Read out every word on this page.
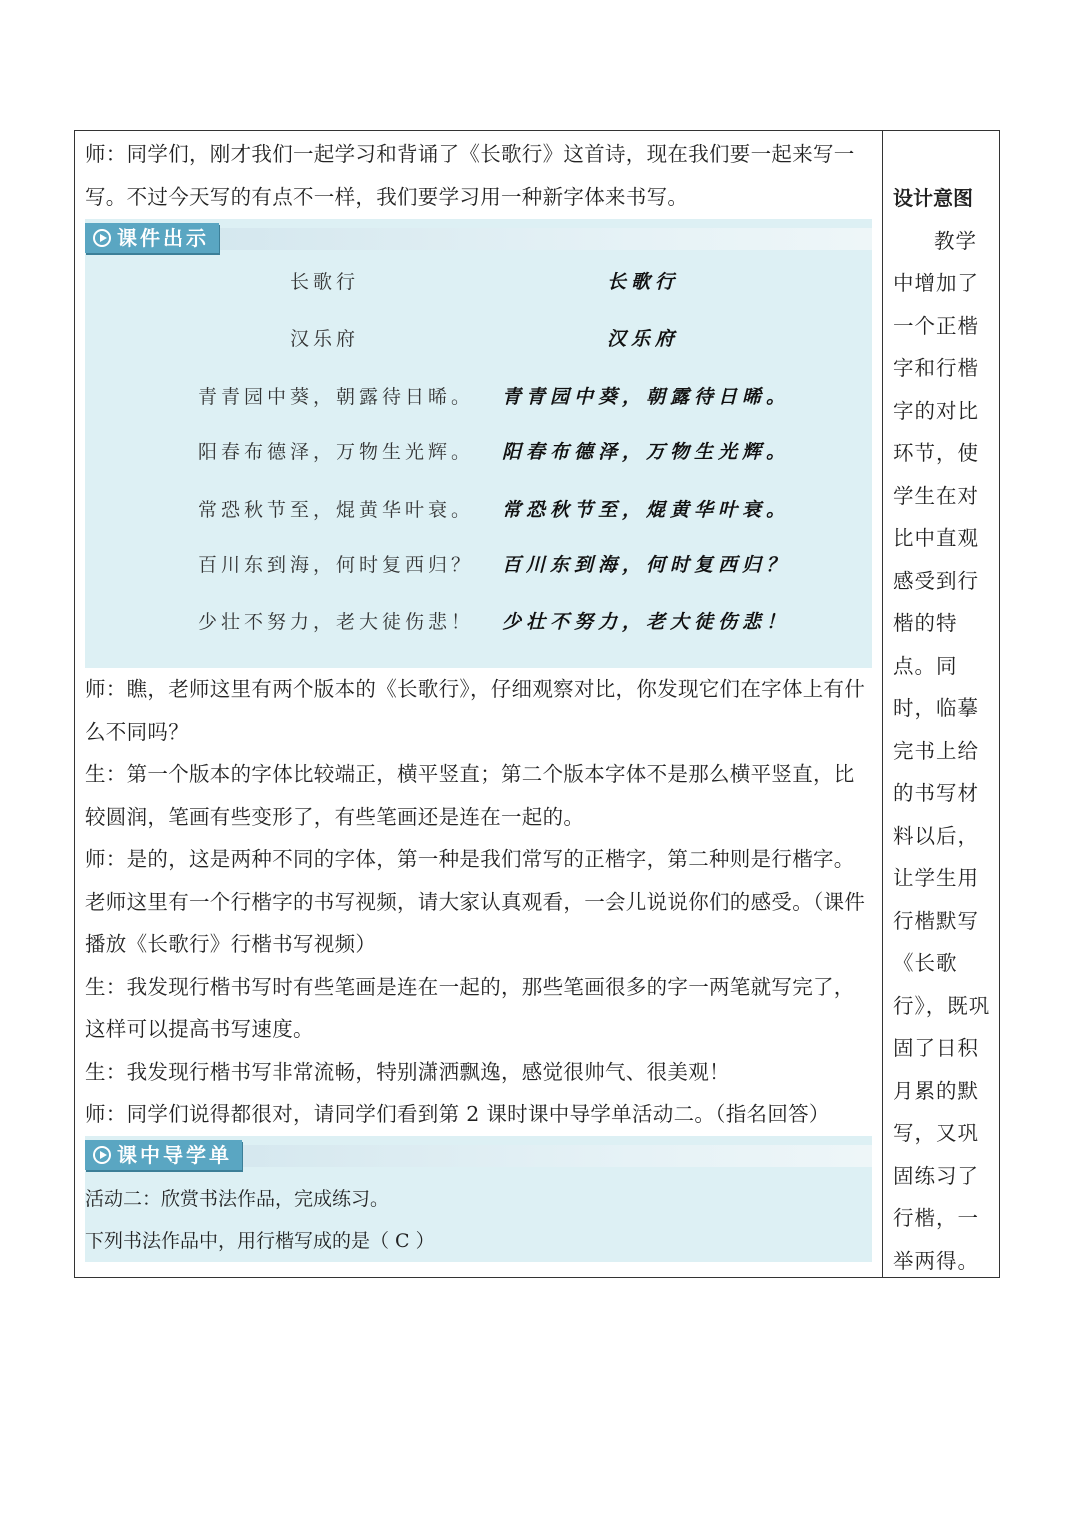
师：同学们，刚才我们一起学习和背诵了《长歌行》这首诗，现在我们要一起来写一写。不过今天写的有点不一样，我们要学习用一种新字体来书写。

课件出示
长歌行
汉乐府
青青园中葵，朝露待日晞。
阳春布德泽，万物生光辉。
常恐秋节至，焜黄华叶衰。
百川东到海，何时复西归？
少壮不努力，老大徒伤悲！
长歌行
汉乐府
青青园中葵，朝露待日晞。
阳春布德泽，万物生光辉。
常恐秋节至，焜黄华叶衰。
百川东到海，何时复西归？
少壮不努力，老大徒伤悲！

师：瞧，老师这里有两个版本的《长歌行》，仔细观察对比，你发现它们在字体上有什么不同吗？

生：第一个版本的字体比较端正，横平竖直；第二个版本字体不是那么横平竖直，比较圆润，笔画有些变形了，有些笔画还是连在一起的。

师：是的，这是两种不同的字体，第一种是我们常写的正楷字，第二种则是行楷字。老师这里有一个行楷字的书写视频，请大家认真观看，一会儿说说你们的感受。（课件播放《长歌行》行楷书写视频）

生：我发现行楷书写时有些笔画是连在一起的，那些笔画很多的字一两笔就写完了，这样可以提高书写速度。

生：我发现行楷书写非常流畅，特别潇洒飘逸，感觉很帅气、很美观！

师：同学们说得都很对，请同学们看到第 2 课时课中导学单活动二。（指名回答）

课中导学单

活动二：欣赏书法作品，完成练习。

下列书法作品中，用行楷写成的是（ C ）

设计意图
教学中增加了一个正楷字和行楷字的对比环节，使学生在对比中直观感受到行楷的特点。同时，临摹完书上给的书写材料以后，让学生用行楷默写《长歌行》，既巩固了日积月累的默写，又巩固练习了行楷，一举两得。
